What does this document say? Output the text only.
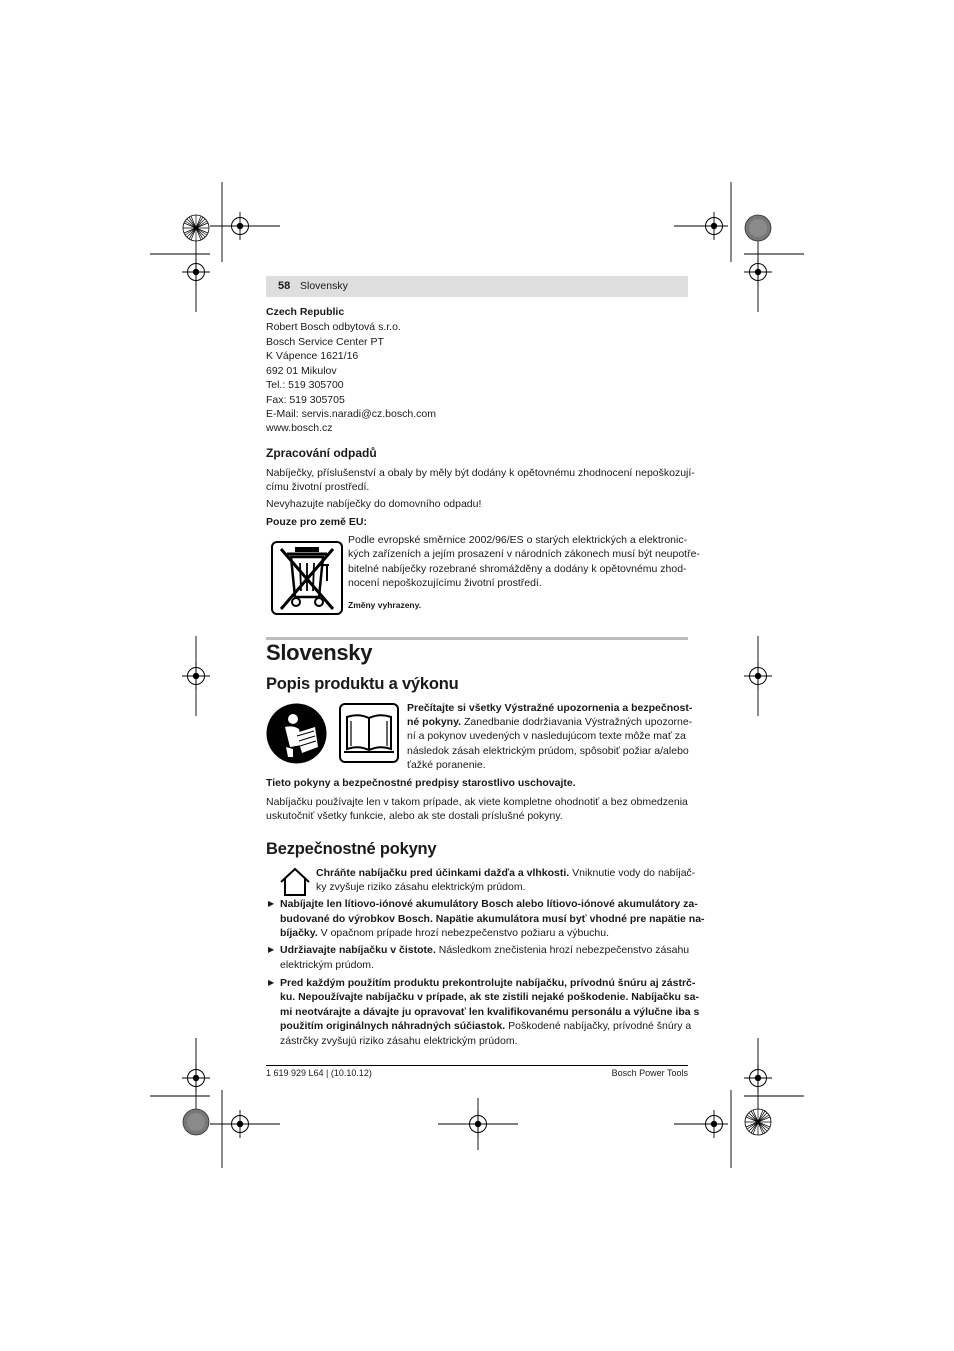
58 Slovensky
Czech Republic
Robert Bosch odbytová s.r.o.
Bosch Service Center PT
K Vápence 1621/16
692 01 Mikulov
Tel.: 519 305700
Fax: 519 305705
E-Mail: servis.naradi@cz.bosch.com
www.bosch.cz
Zpracování odpadů
Nabíječky, příslušenství a obaly by měly být dodány k opětovnému zhodnocení nepoškozují-
címu životní prostředí.
Nevyhazujte nabíječky do domovního odpadu!
Pouze pro země EU:
Podle evropské směrnice 2002/96/ES o starých elektrických a elektronic-
kých zařízeních a jejím prosazení v národních zákonech musí být neupotře-
bitelné nabíječky rozebrané shromážděny a dodány k opětovnému zhod-
nocení nepoškozujícímu životní prostředí.
Změny vyhrazeny.
Slovensky
Popis produktu a výkonu
Prečítajte si všetky Výstražné upozornenia a bezpečnost-
né pokyny. Zanedbanie dodržiavania Výstražných upozorne-
ní a pokynov uvedených v nasledujúcom texte môže mať za
následok zásah elektrickým prúdom, spôsobiť požiar a/alebo
ťažké poranenie.
Tieto pokyny a bezpečnostné predpisy starostlivo uschovajte.
Nabíjačku používajte len v takom prípade, ak viete kompletne ohodnotiť a bez obmedzenia
uskutočniť všetky funkcie, alebo ak ste dostali príslušné pokyny.
Bezpečnostné pokyny
Chráňte nabíjačku pred účinkami dažďa a vlhkosti. Vniknutie vody do nabíjač-
ky zvyšuje riziko zásahu elektrickým prúdom.
▶ Nabíjajte len lítiovo-iónové akumulátory Bosch alebo lítiovo-iónové akumulátory za-
budované do výrobkov Bosch. Napätie akumulátora musí byť vhodné pre napätie na-
bíjačky. V opačnom prípade hrozí nebezpečenstvo požiaru a výbuchu.
▶ Udržiavajte nabíjačku v čistote. Následkom znečistenia hrozí nebezpečenstvo zásahu
elektrickým prúdom.
▶ Pred každým použitím produktu prekontrolujte nabíjačku, prívodnú šnúru aj zástrč-
ku. Nepoužívajte nabíjačku v prípade, ak ste zistili nejaké poškodenie. Nabíjačku sa-
mi neotvárajte a dávajte ju opravovať len kvalifikovanému personálu a výlučne iba s
použitím originálnych náhradných súčiastok. Poškodené nabíjačky, prívodné šnúry a
zástrčky zvyšujú riziko zásahu elektrickým prúdom.
1 619 929 L64 | (10.10.12)	Bosch Power Tools
